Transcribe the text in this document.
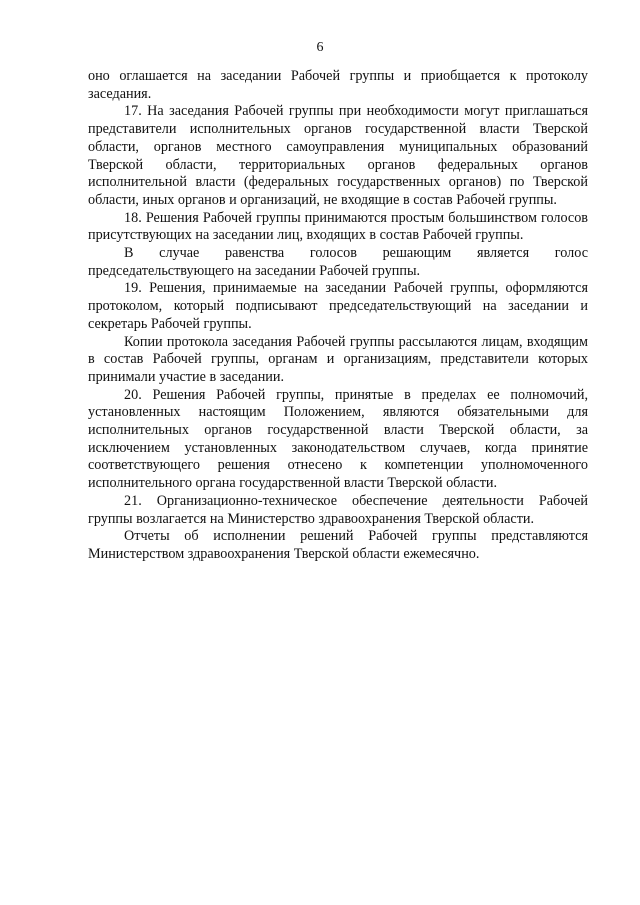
6

оно оглашается на заседании Рабочей группы и приобщается к протоколу заседания.

17. На заседания Рабочей группы при необходимости могут приглашаться представители исполнительных органов государственной власти Тверской области, органов местного самоуправления муниципальных образований Тверской области, территориальных органов федеральных органов исполнительной власти (федеральных государственных органов) по Тверской области, иных органов и организаций, не входящие в состав Рабочей группы.

18. Решения Рабочей группы принимаются простым большинством голосов присутствующих на заседании лиц, входящих в состав Рабочей группы.

В случае равенства голосов решающим является голос председательствующего на заседании Рабочей группы.

19. Решения, принимаемые на заседании Рабочей группы, оформляются протоколом, который подписывают председательствующий на заседании и секретарь Рабочей группы.

Копии протокола заседания Рабочей группы рассылаются лицам, входящим в состав Рабочей группы, органам и организациям, представители которых принимали участие в заседании.

20. Решения Рабочей группы, принятые в пределах ее полномочий, установленных настоящим Положением, являются обязательными для исполнительных органов государственной власти Тверской области, за исключением установленных законодательством случаев, когда принятие соответствующего решения отнесено к компетенции уполномоченного исполнительного органа государственной власти Тверской области.

21. Организационно-техническое обеспечение деятельности Рабочей группы возлагается на Министерство здравоохранения Тверской области.

Отчеты об исполнении решений Рабочей группы представляются Министерством здравоохранения Тверской области ежемесячно.
